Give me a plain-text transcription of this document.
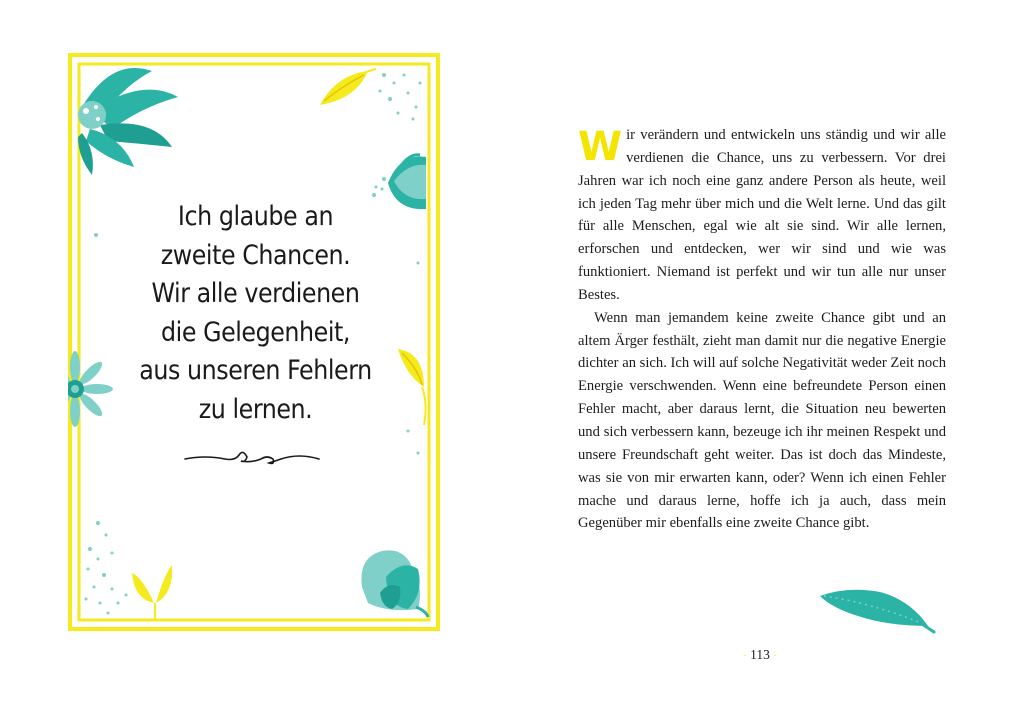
Ich glaube an
zweite Chancen.
Wir alle verdienen
die Gelegenheit,
aus unseren Fehlern
zu lernen.

Wir verändern und entwickeln uns ständig und wir alle verdienen die Chance, uns zu verbessern. Vor drei Jahren war ich noch eine ganz andere Person als heute, weil ich jeden Tag mehr über mich und die Welt lerne. Und das gilt für alle Menschen, egal wie alt sie sind. Wir alle lernen, erforschen und entdecken, wer wir sind und wie was funktioniert. Niemand ist perfekt und wir tun alle nur unser Bestes.

Wenn man jemandem keine zweite Chance gibt und an altem Ärger festhält, zieht man damit nur die negative Energie dichter an sich. Ich will auf solche Negativität weder Zeit noch Energie verschwenden. Wenn eine befreundete Person einen Fehler macht, aber daraus lernt, die Situation neu bewerten und sich verbessern kann, bezeuge ich ihr meinen Respekt und unsere Freundschaft geht weiter. Das ist doch das Mindeste, was sie von mir erwarten kann, oder? Wenn ich einen Fehler mache und daraus lerne, hoffe ich ja auch, dass mein Gegenüber mir ebenfalls eine zweite Chance gibt.

· 113 ·
